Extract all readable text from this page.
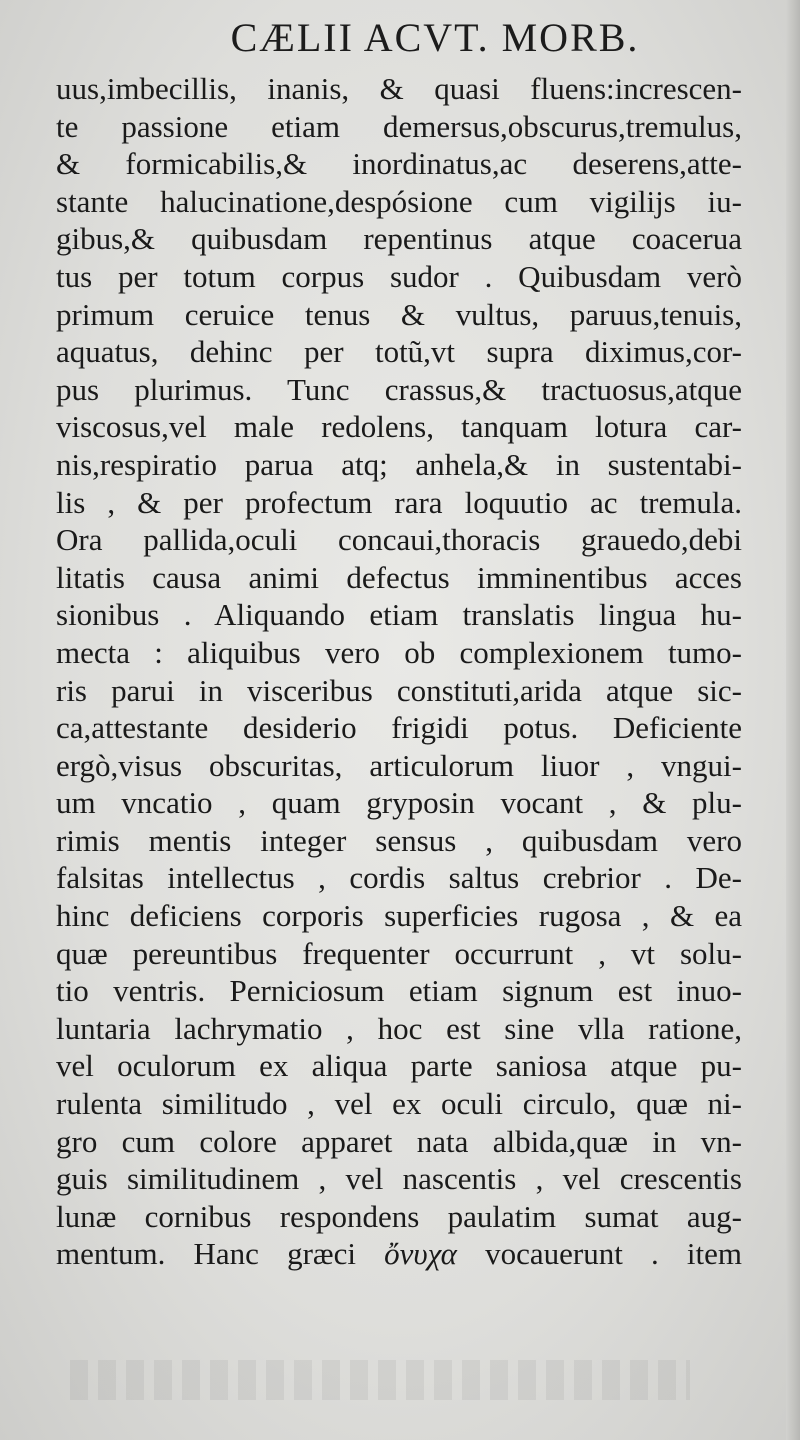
CÆLII ACVT. MORB.
uus,imbecillis, inanis, & quasi fluens:increscen-
te passione etiam demersus,obscurus,tremulus,
& formicabilis,& inordinatus,ac deserens,atte-
stante halucinatione,despósione cum vigilijs iu-
gibus,& quibusdam repentinus atque coacerua
tus per totum corpus sudor . Quibusdam verò
primum ceruice tenus & vultus, paruus,tenuis,
aquatus, dehinc per totũ,vt supra diximus,cor-
pus plurimus. Tunc crassus,& tractuosus,atque
viscosus,vel male redolens, tanquam lotura car-
nis,respiratio parua atq; anhela,& in sustentabi-
lis , & per profectum rara loquutio ac tremula.
Ora pallida,oculi concaui,thoracis grauedo,debi
litatis causa animi defectus imminentibus acces
sionibus . Aliquando etiam translatis lingua hu-
mecta : aliquibus vero ob complexionem tumo-
ris parui in visceribus constituti,arida atque sic-
ca,attestante desiderio frigidi potus. Deficiente
ergò,visus obscuritas, articulorum liuor , vngui-
um vncatio , quam gryposin vocant , & plu-
rimis mentis integer sensus , quibusdam vero
falsitas intellectus , cordis saltus crebrior . De-
hinc deficiens corporis superficies rugosa , & ea
quæ pereuntibus frequenter occurrunt , vt solu-
tio ventris. Perniciosum etiam signum est inuo-
luntaria lachrymatio , hoc est sine vlla ratione,
vel oculorum ex aliqua parte saniosa atque pu-
rulenta similitudo , vel ex oculi circulo, quæ ni-
gro cum colore apparet nata albida,quæ in vn-
guis similitudinem , vel nascentis , vel crescentis
lunæ cornibus respondens paulatim sumat aug-
mentum. Hanc græci ὄνυχα vocauerunt . item
